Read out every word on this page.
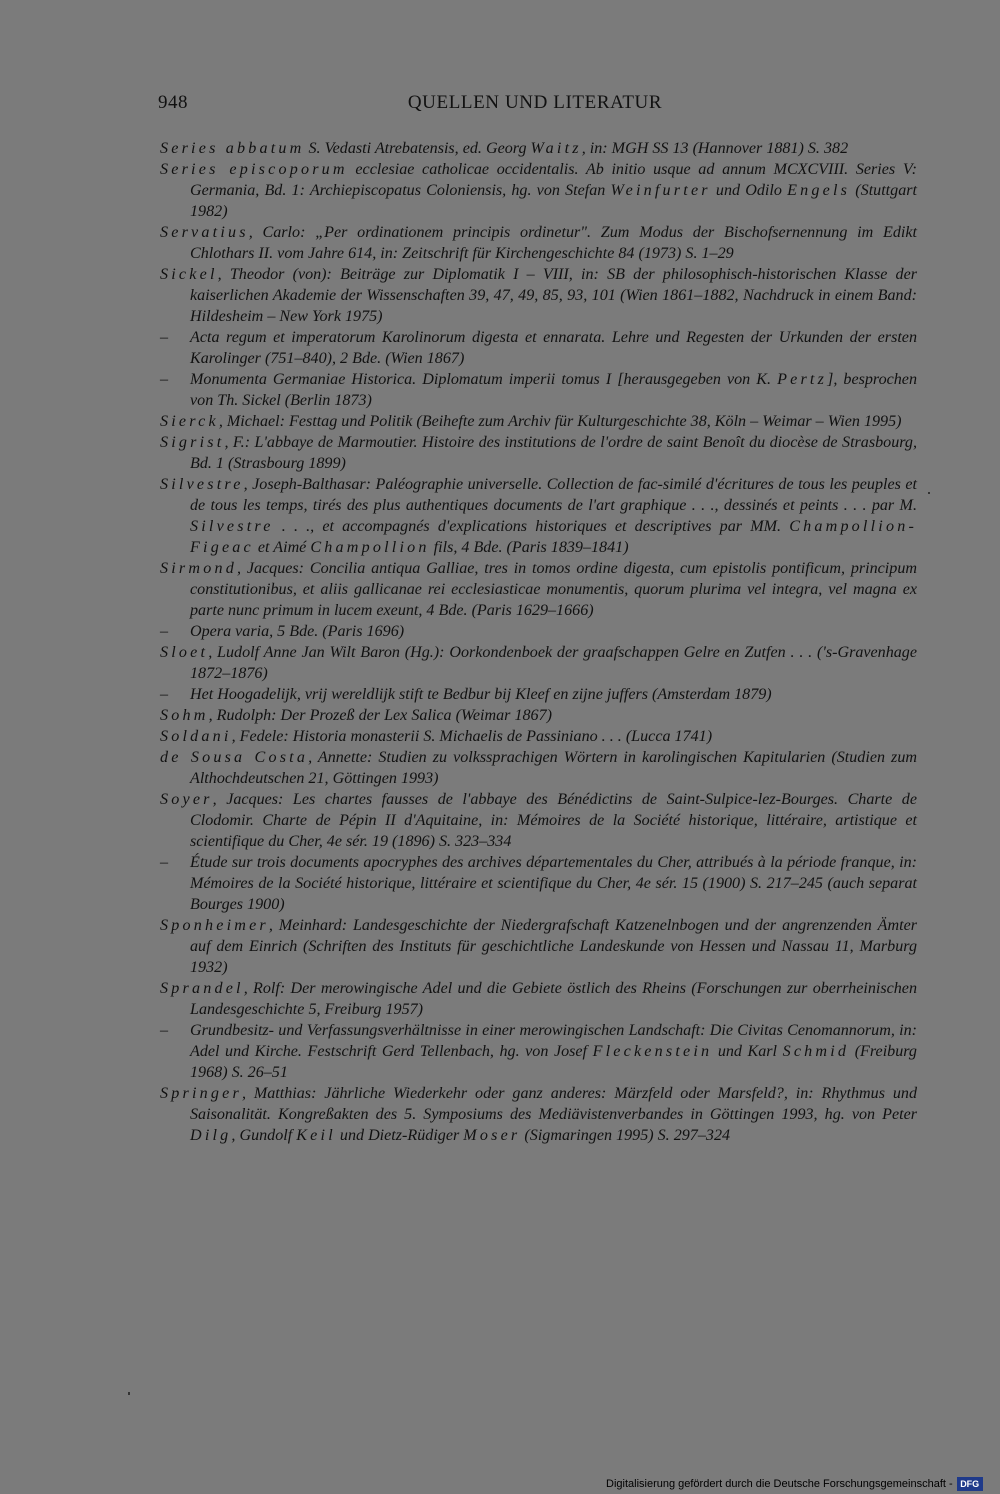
948	QUELLEN UND LITERATUR

Series abbatum S. Vedasti Atrebatensis, ed. Georg Waitz, in: MGH SS 13 (Hannover 1881) S. 382

Series episcoporum ecclesiae catholicae occidentalis. Ab initio usque ad annum MCXCVIII. Series V: Germania, Bd. 1: Archiepiscopatus Coloniensis, hg. von Stefan Weinfurter und Odilo Engels (Stuttgart 1982)

Servatius, Carlo: „Per ordinationem principis ordinetur". Zum Modus der Bischofsernennung im Edikt Chlothars II. vom Jahre 614, in: Zeitschrift für Kirchengeschichte 84 (1973) S. 1–29

Sickel, Theodor (von): Beiträge zur Diplomatik I – VIII, in: SB der philosophisch-historischen Klasse der kaiserlichen Akademie der Wissenschaften 39, 47, 49, 85, 93, 101 (Wien 1861–1882, Nachdruck in einem Band: Hildesheim – New York 1975)

– Acta regum et imperatorum Karolinorum digesta et ennarata. Lehre und Regesten der Urkunden der ersten Karolinger (751–840), 2 Bde. (Wien 1867)

– Monumenta Germaniae Historica. Diplomatum imperii tomus I [herausgegeben von K. Pertz], besprochen von Th. Sickel (Berlin 1873)

Sierck, Michael: Festtag und Politik (Beihefte zum Archiv für Kulturgeschichte 38, Köln – Weimar – Wien 1995)

Sigrist, F.: L'abbaye de Marmoutier. Histoire des institutions de l'ordre de saint Benoît du diocèse de Strasbourg, Bd. 1 (Strasbourg 1899)

Silvestre, Joseph-Balthasar: Paléographie universelle. Collection de fac-similé d'écritures de tous les peuples et de tous les temps, tirés des plus authentiques documents de l'art graphique . . ., dessinés et peints . . . par M. Silvestre . . ., et accompagnés d'explications historiques et descriptives par MM. Champollion-Figeac et Aimé Champollion fils, 4 Bde. (Paris 1839–1841)

Sirmond, Jacques: Concilia antiqua Galliae, tres in tomos ordine digesta, cum epistolis pontificum, principum constitutionibus, et aliis gallicanae rei ecclesiasticae monumentis, quorum plurima vel integra, vel magna ex parte nunc primum in lucem exeunt, 4 Bde. (Paris 1629–1666)

– Opera varia, 5 Bde. (Paris 1696)

Sloet, Ludolf Anne Jan Wilt Baron (Hg.): Oorkondenboek der graafschappen Gelre en Zutfen . . . ('s-Gravenhage 1872–1876)

– Het Hoogadelijk, vrij wereldlijk stift te Bedbur bij Kleef en zijne juffers (Amsterdam 1879)

Sohm, Rudolph: Der Prozeß der Lex Salica (Weimar 1867)

Soldani, Fedele: Historia monasterii S. Michaelis de Passiniano . . . (Lucca 1741)

de Sousa Costa, Annette: Studien zu volkssprachigen Wörtern in karolingischen Kapitularien (Studien zum Althochdeutschen 21, Göttingen 1993)

Soyer, Jacques: Les chartes fausses de l'abbaye des Bénédictins de Saint-Sulpice-lez-Bourges. Charte de Clodomir. Charte de Pépin II d'Aquitaine, in: Mémoires de la Société historique, littéraire, artistique et scientifique du Cher, 4e sér. 19 (1896) S. 323–334

– Étude sur trois documents apocryphes des archives départementales du Cher, attribués à la période franque, in: Mémoires de la Société historique, littéraire et scientifique du Cher, 4e sér. 15 (1900) S. 217–245 (auch separat Bourges 1900)

Sponheimer, Meinhard: Landesgeschichte der Niedergrafschaft Katzenelnbogen und der angrenzenden Ämter auf dem Einrich (Schriften des Instituts für geschichtliche Landeskunde von Hessen und Nassau 11, Marburg 1932)

Sprandel, Rolf: Der merowingische Adel und die Gebiete östlich des Rheins (Forschungen zur oberrheinischen Landesgeschichte 5, Freiburg 1957)

– Grundbesitz- und Verfassungsverhältnisse in einer merowingischen Landschaft: Die Civitas Cenomannorum, in: Adel und Kirche. Festschrift Gerd Tellenbach, hg. von Josef Fleckenstein und Karl Schmid (Freiburg 1968) S. 26–51

Springer, Matthias: Jährliche Wiederkehr oder ganz anderes: Märzfeld oder Marsfeld?, in: Rhythmus und Saisonalität. Kongreßakten des 5. Symposiums des Mediävistenverbandes in Göttingen 1993, hg. von Peter Dilg, Gundolf Keil und Dietz-Rüdiger Moser (Sigmaringen 1995) S. 297–324

Digitalisierung gefördert durch die Deutsche Forschungsgemeinschaft - DFG
